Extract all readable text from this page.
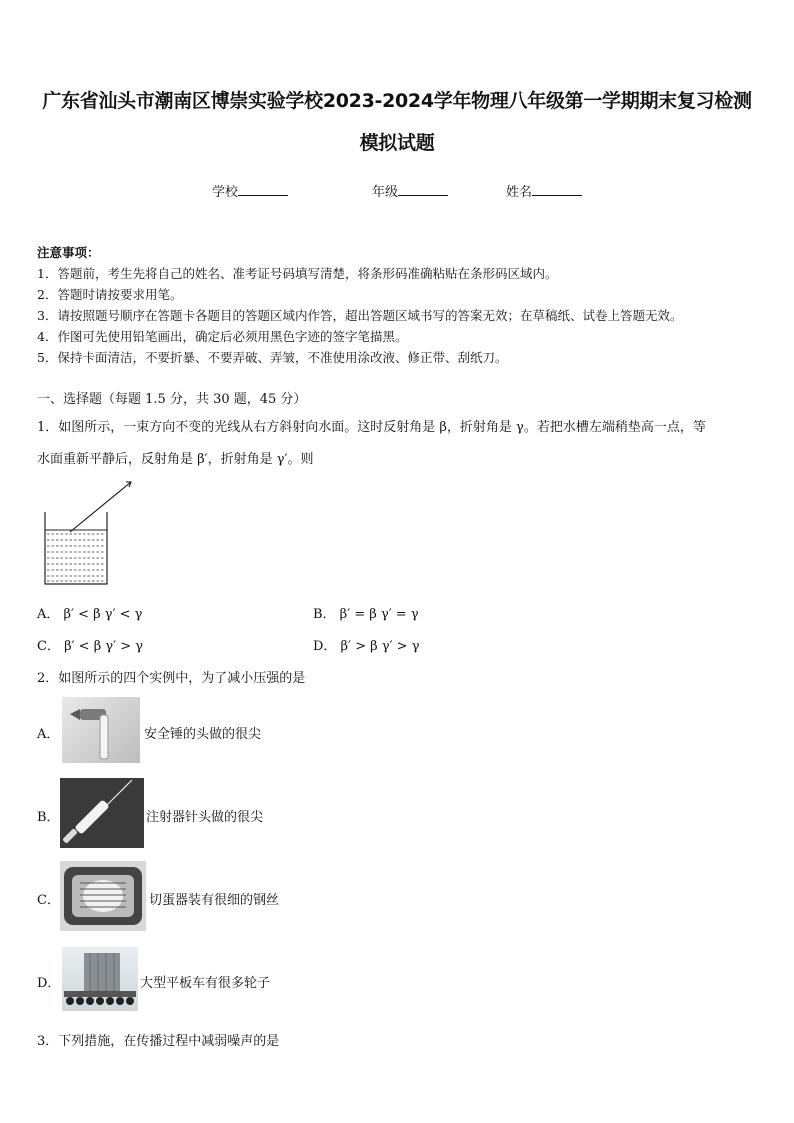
广东省汕头市潮南区博崇实验学校2023-2024学年物理八年级第一学期期末复习检测
模拟试题
学校	年级	姓名
注意事项：
1．答题前，考生先将自己的姓名、准考证号码填写清楚，将条形码准确粘贴在条形码区域内。
2．答题时请按要求用笔。
3．请按照题号顺序在答题卡各题目的答题区域内作答，超出答题区域书写的答案无效；在草稿纸、试卷上答题无效。
4．作图可先使用铅笔画出，确定后必须用黑色字迹的签字笔描黑。
5．保持卡面清洁，不要折暴、不要弄破、弄皱，不准使用涂改液、修正带、刮纸刀。
一、选择题（每题 1.5 分，共 30 题，45 分）
1．如图所示，一束方向不变的光线从右方斜射向水面。这时反射角是 β，折射角是 γ。若把水槽左端稍垫高一点，等
水面重新平静后，反射角是 β′，折射角是 γ′。则
A． β′ < β γ′ < γ	B． β′ = β γ′ = γ
C． β′ < β γ′ > γ	D． β′ > β γ′ > γ
2．如图所示的四个实例中，为了减小压强的是
A．	安全锤的头做的很尖
B．	注射器针头做的很尖
C．	切蛋器装有很细的钢丝
D．	大型平板车有很多轮子
3．下列措施，在传播过程中减弱噪声的是
